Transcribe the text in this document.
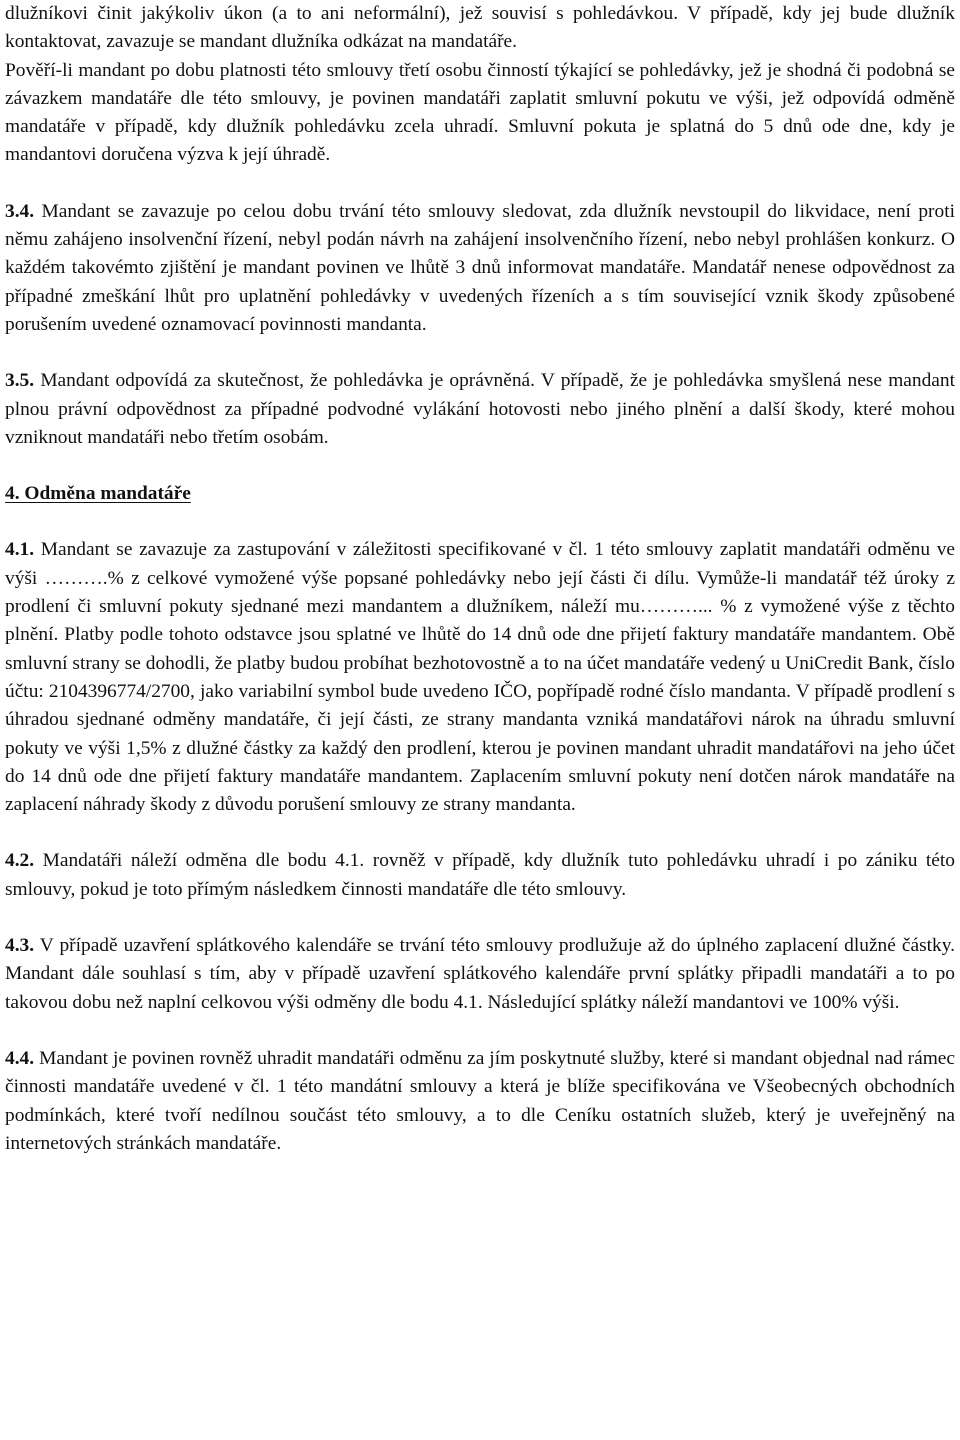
dlužníkovi činit jakýkoliv úkon (a to ani neformální), jež souvisí s pohledávkou. V případě, kdy jej bude dlužník kontaktovat, zavazuje se mandant dlužníka odkázat na mandatáře.

Pověří-li mandant po dobu platnosti této smlouvy třetí osobu činností týkající se pohledávky, jež je shodná či podobná se závazkem mandatáře dle této smlouvy, je povinen mandatáři zaplatit smluvní pokutu ve výši, jež odpovídá odměně mandatáře v případě, kdy dlužník pohledávku zcela uhradí. Smluvní pokuta je splatná do 5 dnů ode dne, kdy je mandantovi doručena výzva k její úhradě.

3.4. Mandant se zavazuje po celou dobu trvání této smlouvy sledovat, zda dlužník nevstoupil do likvidace, není proti němu zahájeno insolvenční řízení, nebyl podán návrh na zahájení insolvenčního řízení, nebo nebyl prohlášen konkurz. O každém takovémto zjištění je mandant povinen ve lhůtě 3 dnů informovat mandatáře. Mandatář nenese odpovědnost za případné zmeškání lhůt pro uplatnění pohledávky v uvedených řízeních a s tím související vznik škody způsobené porušením uvedené oznamovací povinnosti mandanta.

3.5. Mandant odpovídá za skutečnost, že pohledávka je oprávněná. V případě, že je pohledávka smyšlená nese mandant plnou právní odpovědnost za případné podvodné vylákání hotovosti nebo jiného plnění a další škody, které mohou vzniknout mandatáři nebo třetím osobám.

4. Odměna mandatáře

4.1. Mandant se zavazuje za zastupování v záležitosti specifikované v čl. 1 této smlouvy zaplatit mandatáři odměnu ve výši ……….% z celkové vymožené výše popsané pohledávky nebo její části či dílu. Vymůže-li mandatář též úroky z prodlení či smluvní pokuty sjednané mezi mandantem a dlužníkem, náleží mu………... % z vymožené výše z těchto plnění. Platby podle tohoto odstavce jsou splatné ve lhůtě do 14 dnů ode dne přijetí faktury mandatáře mandantem. Obě smluvní strany se dohodli, že platby budou probíhat bezhotovostně a to na účet mandatáře vedený u UniCredit Bank, číslo účtu: 2104396774/2700, jako variabilní symbol bude uvedeno IČO, popřípadě rodné číslo mandanta. V případě prodlení s úhradou sjednané odměny mandatáře, či její části, ze strany mandanta vzniká mandatářovi nárok na úhradu smluvní pokuty ve výši 1,5% z dlužné částky za každý den prodlení, kterou je povinen mandant uhradit mandatářovi na jeho účet do 14 dnů ode dne přijetí faktury mandatáře mandantem. Zaplacením smluvní pokuty není dotčen nárok mandatáře na zaplacení náhrady škody z důvodu porušení smlouvy ze strany mandanta.

4.2. Mandatáři náleží odměna dle bodu 4.1. rovněž v případě, kdy dlužník tuto pohledávku uhradí i po zániku této smlouvy, pokud je toto přímým následkem činnosti mandatáře dle této smlouvy.

4.3. V případě uzavření splátkového kalendáře se trvání této smlouvy prodlužuje až do úplného zaplacení dlužné částky. Mandant dále souhlasí s tím, aby v případě uzavření splátkového kalendáře první splátky připadli mandatáři a to po takovou dobu než naplní celkovou výši odměny dle bodu 4.1. Následující splátky náleží mandantovi ve 100% výši.

4.4. Mandant je povinen rovněž uhradit mandatáři odměnu za jím poskytnuté služby, které si mandant objednal nad rámec činnosti mandatáře uvedené v čl. 1 této mandátní smlouvy a která je blíže specifikována ve Všeobecných obchodních podmínkách, které tvoří nedílnou součást této smlouvy, a to dle Ceníku ostatních služeb, který je uveřejněný na internetových stránkách mandatáře.
